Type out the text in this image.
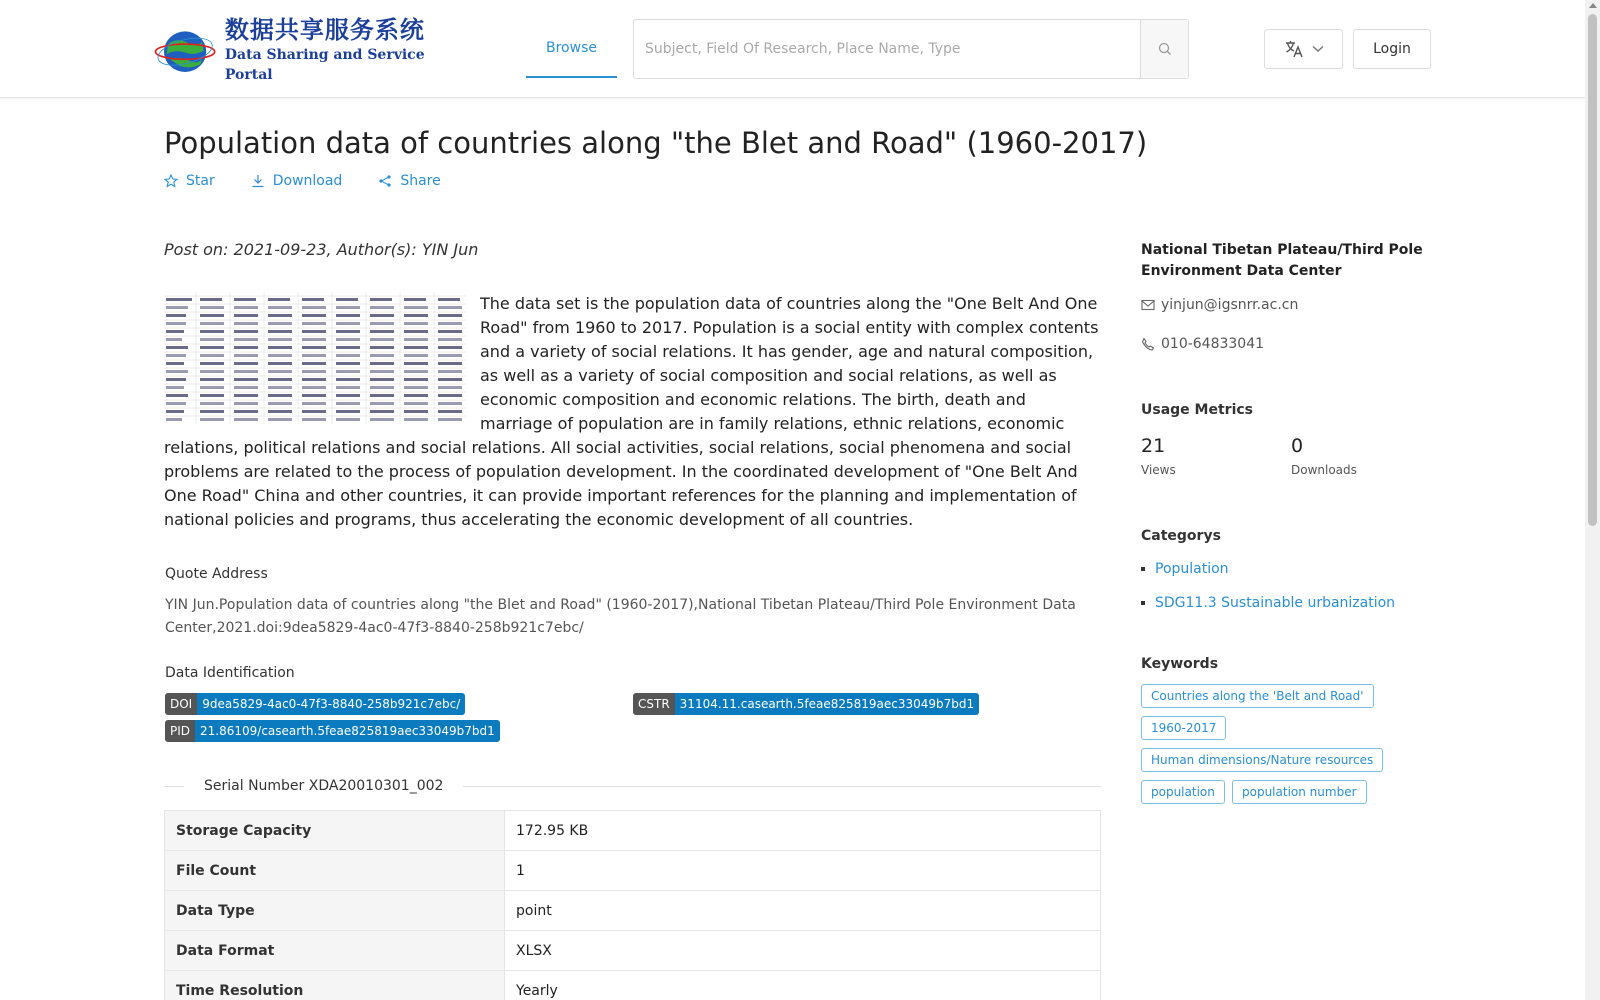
数据共享服务系统
Data Sharing and Service Portal
Browse
Subject, Field Of Research, Place Name, Type	Login
Population data of countries along "the Blet and Road" (1960-2017)
Star	Download	Share
Post on: 2021-09-23, Author(s): YIN Jun
The data set is the population data of countries along the "One Belt And One Road" from 1960 to 2017. Population is a social entity with complex contents and a variety of social relations. It has gender, age and natural composition, as well as a variety of social composition and social relations, as well as economic composition and economic relations. The birth, death and marriage of population are in family relations, ethnic relations, economic relations, political relations and social relations. All social activities, social relations, social phenomena and social problems are related to the process of population development. In the coordinated development of "One Belt And One Road" China and other countries, it can provide important references for the planning and implementation of national policies and programs, thus accelerating the economic development of all countries.
Quote Address
YIN Jun.Population data of countries along "the Blet and Road" (1960-2017),National Tibetan Plateau/Third Pole Environment Data Center,2021.doi:9dea5829-4ac0-47f3-8840-258b921c7ebc/
Data Identification
DOI 9dea5829-4ac0-47f3-8840-258b921c7ebc/	CSTR 31104.11.casearth.5feae825819aec33049b7bd1
PID 21.86109/casearth.5feae825819aec33049b7bd1
Serial Number XDA20010301_002
Storage Capacity	172.95 KB
File Count	1
Data Type	point
Data Format	XLSX
Time Resolution	Yearly
National Tibetan Plateau/Third Pole Environment Data Center
yinjun@igsnrr.ac.cn
010-64833041
Usage Metrics
21
Views
0
Downloads
Categorys
Population
SDG11.3 Sustainable urbanization
Keywords
Countries along the 'Belt and Road'
1960-2017
Human dimensions/Nature resources
population	population number
